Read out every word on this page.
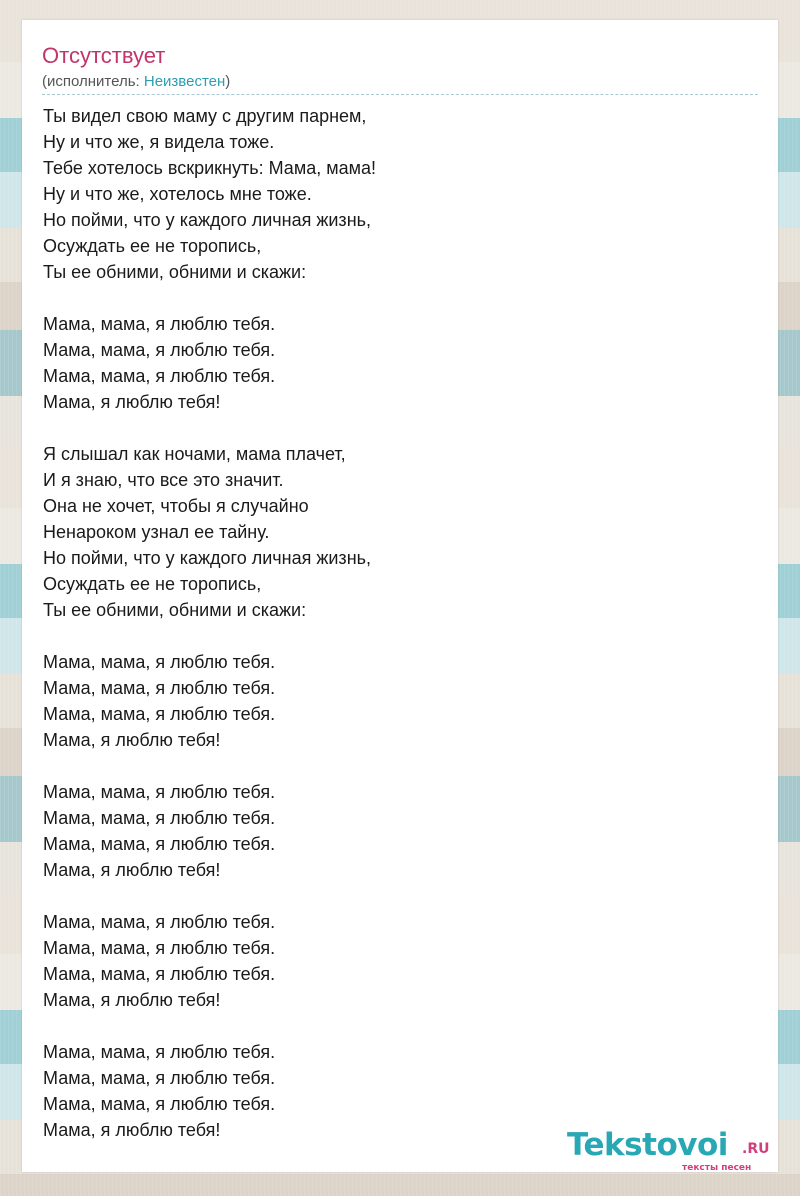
Отсутствует
(исполнитель: Неизвестен)
Ты видел свою маму с другим парнем,
Ну и что же, я видела тоже.
Тебе хотелось вскрикнуть: Мама, мама!
Ну и что же, хотелось мне тоже.
Но пойми, что у каждого личная жизнь,
Осуждать ее не торопись,
Ты ее обними, обними и скажи:
Мама, мама, я люблю тебя.
Мама, мама, я люблю тебя.
Мама, мама, я люблю тебя.
Мама, я люблю тебя!
Я слышал как ночами, мама плачет,
И я знаю, что все это значит.
Она не хочет, чтобы я случайно
Ненароком узнал ее тайну.
Но пойми, что у каждого личная жизнь,
Осуждать ее не торопись,
Ты ее обними, обними и скажи:
Мама, мама, я люблю тебя.
Мама, мама, я люблю тебя.
Мама, мама, я люблю тебя.
Мама, я люблю тебя!
Мама, мама, я люблю тебя.
Мама, мама, я люблю тебя.
Мама, мама, я люблю тебя.
Мама, я люблю тебя!
Мама, мама, я люблю тебя.
Мама, мама, я люблю тебя.
Мама, мама, я люблю тебя.
Мама, я люблю тебя!
Мама, мама, я люблю тебя.
Мама, мама, я люблю тебя.
Мама, мама, я люблю тебя.
Мама, я люблю тебя!	Tekstovoi .RU
тексты песен
